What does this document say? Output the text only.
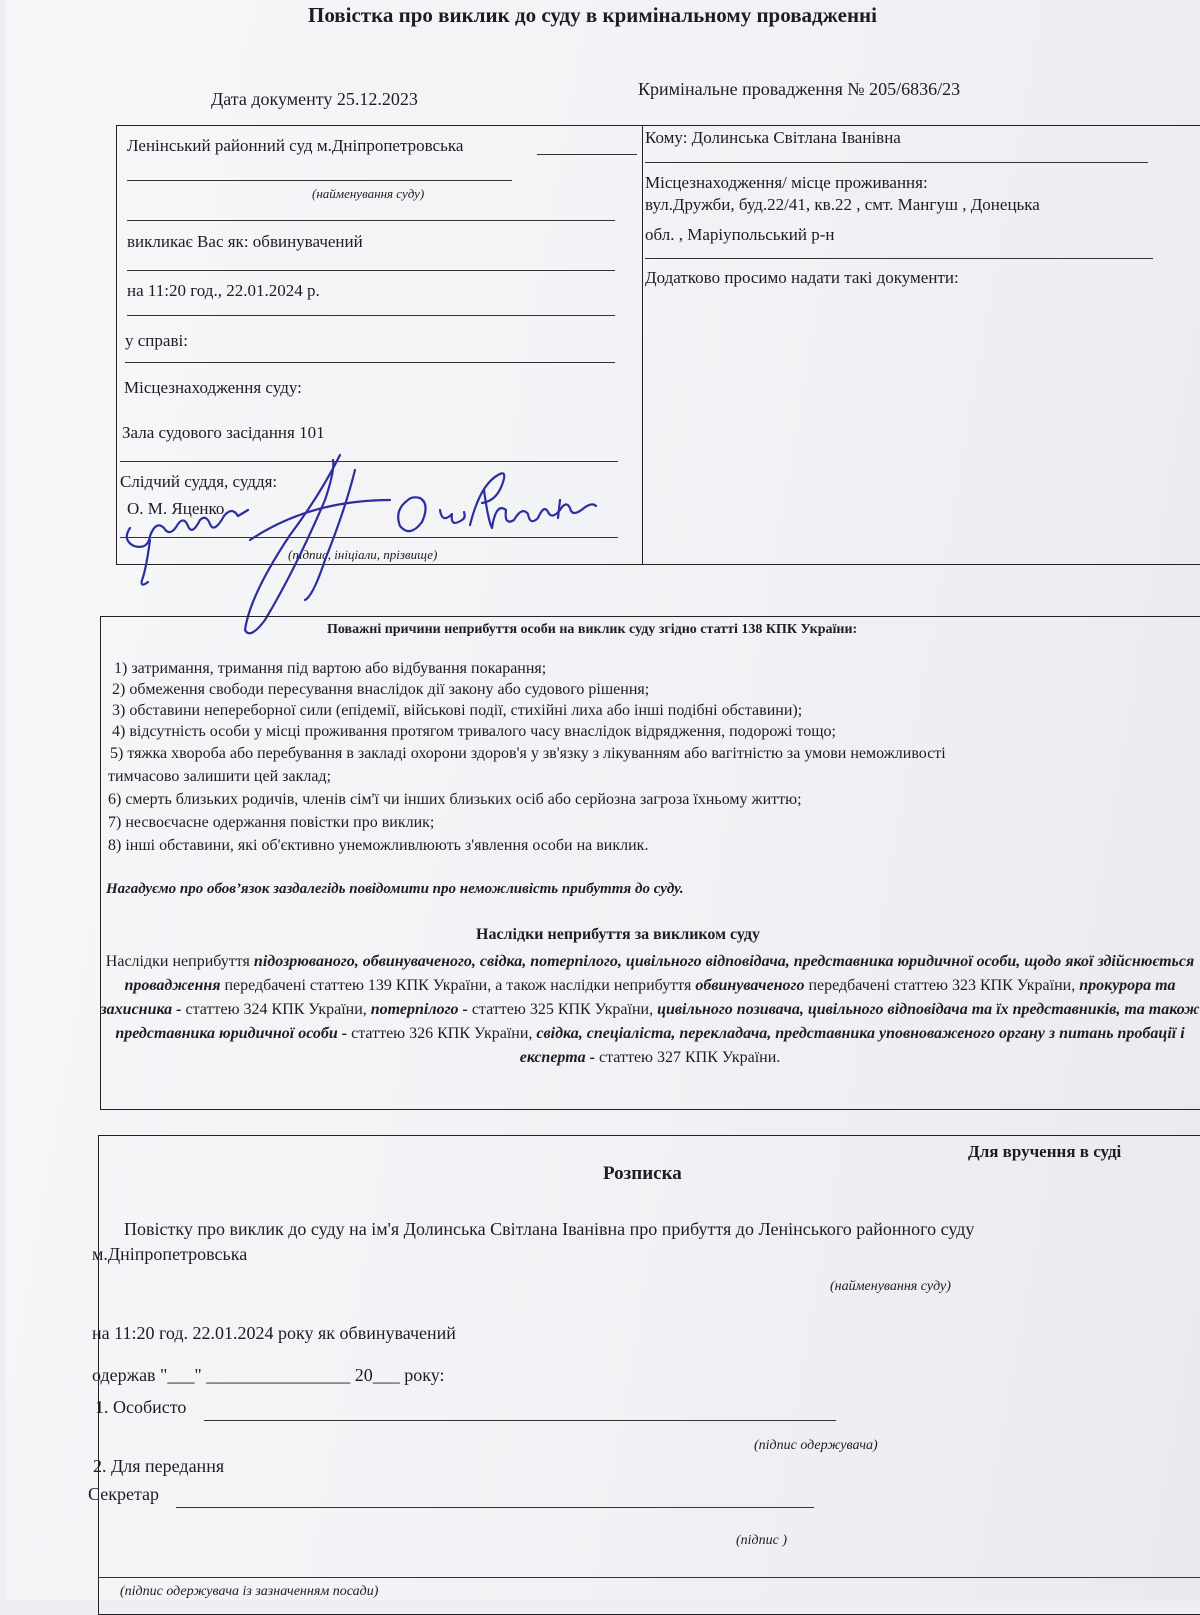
Повістка про виклик до суду в кримінальному провадженні
Дата документу 25.12.2023	Кримінальне провадження № 205/6836/23
Ленінський районний суд м.Дніпропетровська
(найменування суду)
викликає Вас як: обвинувачений
на 11:20 год., 22.01.2024 р.
у справі:
Місцезнаходження суду:
Зала судового засідання 101
Слідчий суддя, суддя:
О. М. Яценко
(підпис, ініціали, прізвище)
Кому: Долинська Світлана Іванівна
Місцезнаходження/ місце проживання:
вул.Дружби, буд.22/41, кв.22 , смт. Мангуш , Донецька
обл. , Маріупольський р-н
Додатково просимо надати такі документи:
Поважні причини неприбуття особи на виклик суду згідно статті 138 КПК України:
1) затримання, тримання під вартою або відбування покарання;
2) обмеження свободи пересування внаслідок дії закону або судового рішення;
3) обставини непереборної сили (епідемії, військові події, стихійні лиха або інші подібні обставини);
4) відсутність особи у місці проживання протягом тривалого часу внаслідок відрядження, подорожі тощо;
5) тяжка хвороба або перебування в закладі охорони здоров'я у зв'язку з лікуванням або вагітністю за умови неможливості
тимчасово залишити цей заклад;
6) смерть близьких родичів, членів сім'ї чи інших близьких осіб або серйозна загроза їхньому життю;
7) несвоєчасне одержання повістки про виклик;
8) інші обставини, які об'єктивно унеможливлюють з'явлення особи на виклик.
Нагадуємо про обов’язок заздалегідь повідомити про неможливість прибуття до суду.
Наслідки неприбуття за викликом суду
Наслідки неприбуття підозрюваного, обвинуваченого, свідка, потерпілого, цивільного відповідача, представника юридичної особи, щодо якої здійснюється провадження передбачені статтею 139 КПК України, а також наслідки неприбуття обвинуваченого передбачені статтею 323 КПК України, прокурора та захисника - статтею 324 КПК України, потерпілого - статтею 325 КПК України, цивільного позивача, цивільного відповідача та їх представників, та також представника юридичної особи - статтею 326 КПК України, свідка, спеціаліста, перекладача, представника уповноваженого органу з питань пробації і експерта - статтею 327 КПК України.
Для вручення в суді
Розписка
Повістку про виклик до суду на ім'я Долинська Світлана Іванівна про прибуття до Ленінського районного суду
м.Дніпропетровська
(найменування суду)
на 11:20 год. 22.01.2024 року як обвинувачений
одержав "___" ________________ 20___ року:
1. Особисто
(підпис одержувача)
2. Для передання
Секретар
(підпис )
(підпис одержувача із зазначенням посади)
